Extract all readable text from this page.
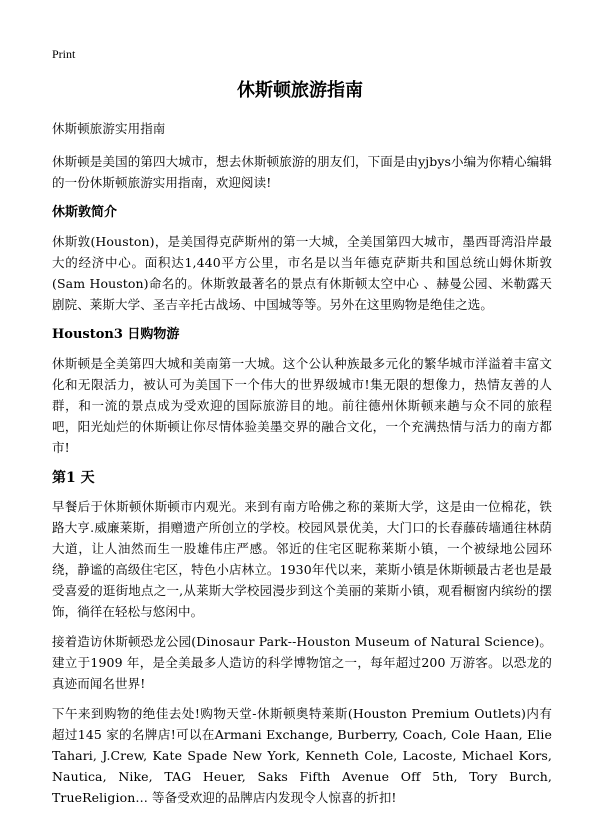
Print
休斯顿旅游指南

休斯顿旅游实用指南

休斯顿是美国的第四大城市，想去休斯顿旅游的朋友们，下面是由yjbys小编为你精心编辑的一份休斯顿旅游实用指南，欢迎阅读!

休斯敦简介

休斯敦(Houston)，是美国得克萨斯州的第一大城，全美国第四大城市，墨西哥湾沿岸最大的经济中心。面积达1,440平方公里，市名是以当年德克萨斯共和国总统山姆休斯敦(Sam Houston)命名的。休斯敦最著名的景点有休斯顿太空中心 、赫曼公园、米勒露天剧院、莱斯大学、圣吉辛托古战场、中国城等等。另外在这里购物是绝佳之选。

Houston3 日购物游

休斯顿是全美第四大城和美南第一大城。这个公认种族最多元化的繁华城市洋溢着丰富文化和无限活力，被认可为美国下一个伟大的世界级城市!集无限的想像力，热情友善的人群，和一流的景点成为受欢迎的国际旅游目的地。前往德州休斯顿来趟与众不同的旅程吧，阳光灿烂的休斯顿让你尽情体验美墨交界的融合文化，一个充满热情与活力的南方都市!

第1 天

早餐后于休斯顿休斯顿市内观光。来到有南方哈佛之称的莱斯大学，这是由一位棉花，铁路大亨.威廉莱斯，捐赠遗产所创立的学校。校园风景优美，大门口的长春藤砖墙通往林荫大道，让人油然而生一股雄伟庄严感。邻近的住宅区昵称莱斯小镇，一个被绿地公园环绕，静谧的高级住宅区，特色小店林立。1930年代以来，莱斯小镇是休斯顿最古老也是最受喜爱的逛街地点之一,从莱斯大学校园漫步到这个美丽的莱斯小镇，观看橱窗内缤纷的摆饰，徜徉在轻松与悠闲中。

接着造访休斯顿恐龙公园(Dinosaur Park--Houston Museum of Natural Science)。建立于1909 年，是全美最多人造访的科学博物馆之一，每年超过200 万游客。以恐龙的真迹而闻名世界!

下午来到购物的绝佳去处!购物天堂-休斯顿奥特莱斯(Houston Premium Outlets)内有超过145 家的名牌店!可以在Armani Exchange, Burberry, Coach, Cole Haan, Elie Tahari, J.Crew, Kate Spade New York, Kenneth Cole, Lacoste, Michael Kors, Nautica, Nike, TAG Heuer, Saks Fifth Avenue Off 5th, Tory Burch, TrueReligion… 等备受欢迎的品牌店内发现令人惊喜的折扣!
